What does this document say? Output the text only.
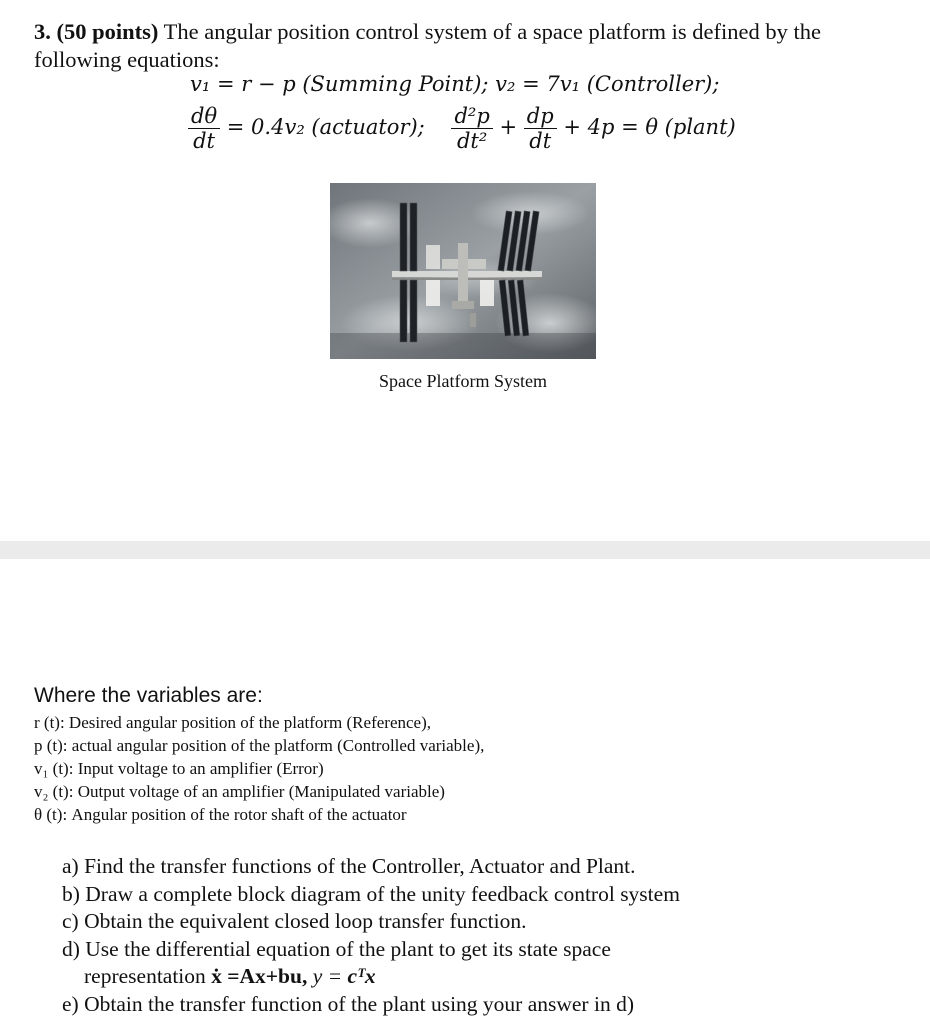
3. (50 points) The angular position control system of a space platform is defined by the
following equations:
v₁ = r − p (Summing Point); v₂ = 7v₁ (Controller);
$\frac{d\theta}{dt} = 0.4v_2$ (actuator); $\frac{\text{d²p}}{\text{dt²}} + \frac{dp}{dt} + 4p = \theta$ (plant)
Space Platform System
Where the variables are:
r (t): Desired angular position of the platform (Reference),
p (t): actual angular position of the platform (Controlled variable),
v₁ (t): Input voltage to an amplifier (Error)
v₂ (t): Output voltage of an amplifier (Manipulated variable)
θ (t): Angular position of the rotor shaft of the actuator
a) Find the transfer functions of the Controller, Actuator and Plant.
b) Draw a complete block diagram of the unity feedback control system
c) Obtain the equivalent closed loop transfer function.
d) Use the differential equation of the plant to get its state space
representation ẋ =Ax+bu, y = cᵀx
e) Obtain the transfer function of the plant using your answer in d)
